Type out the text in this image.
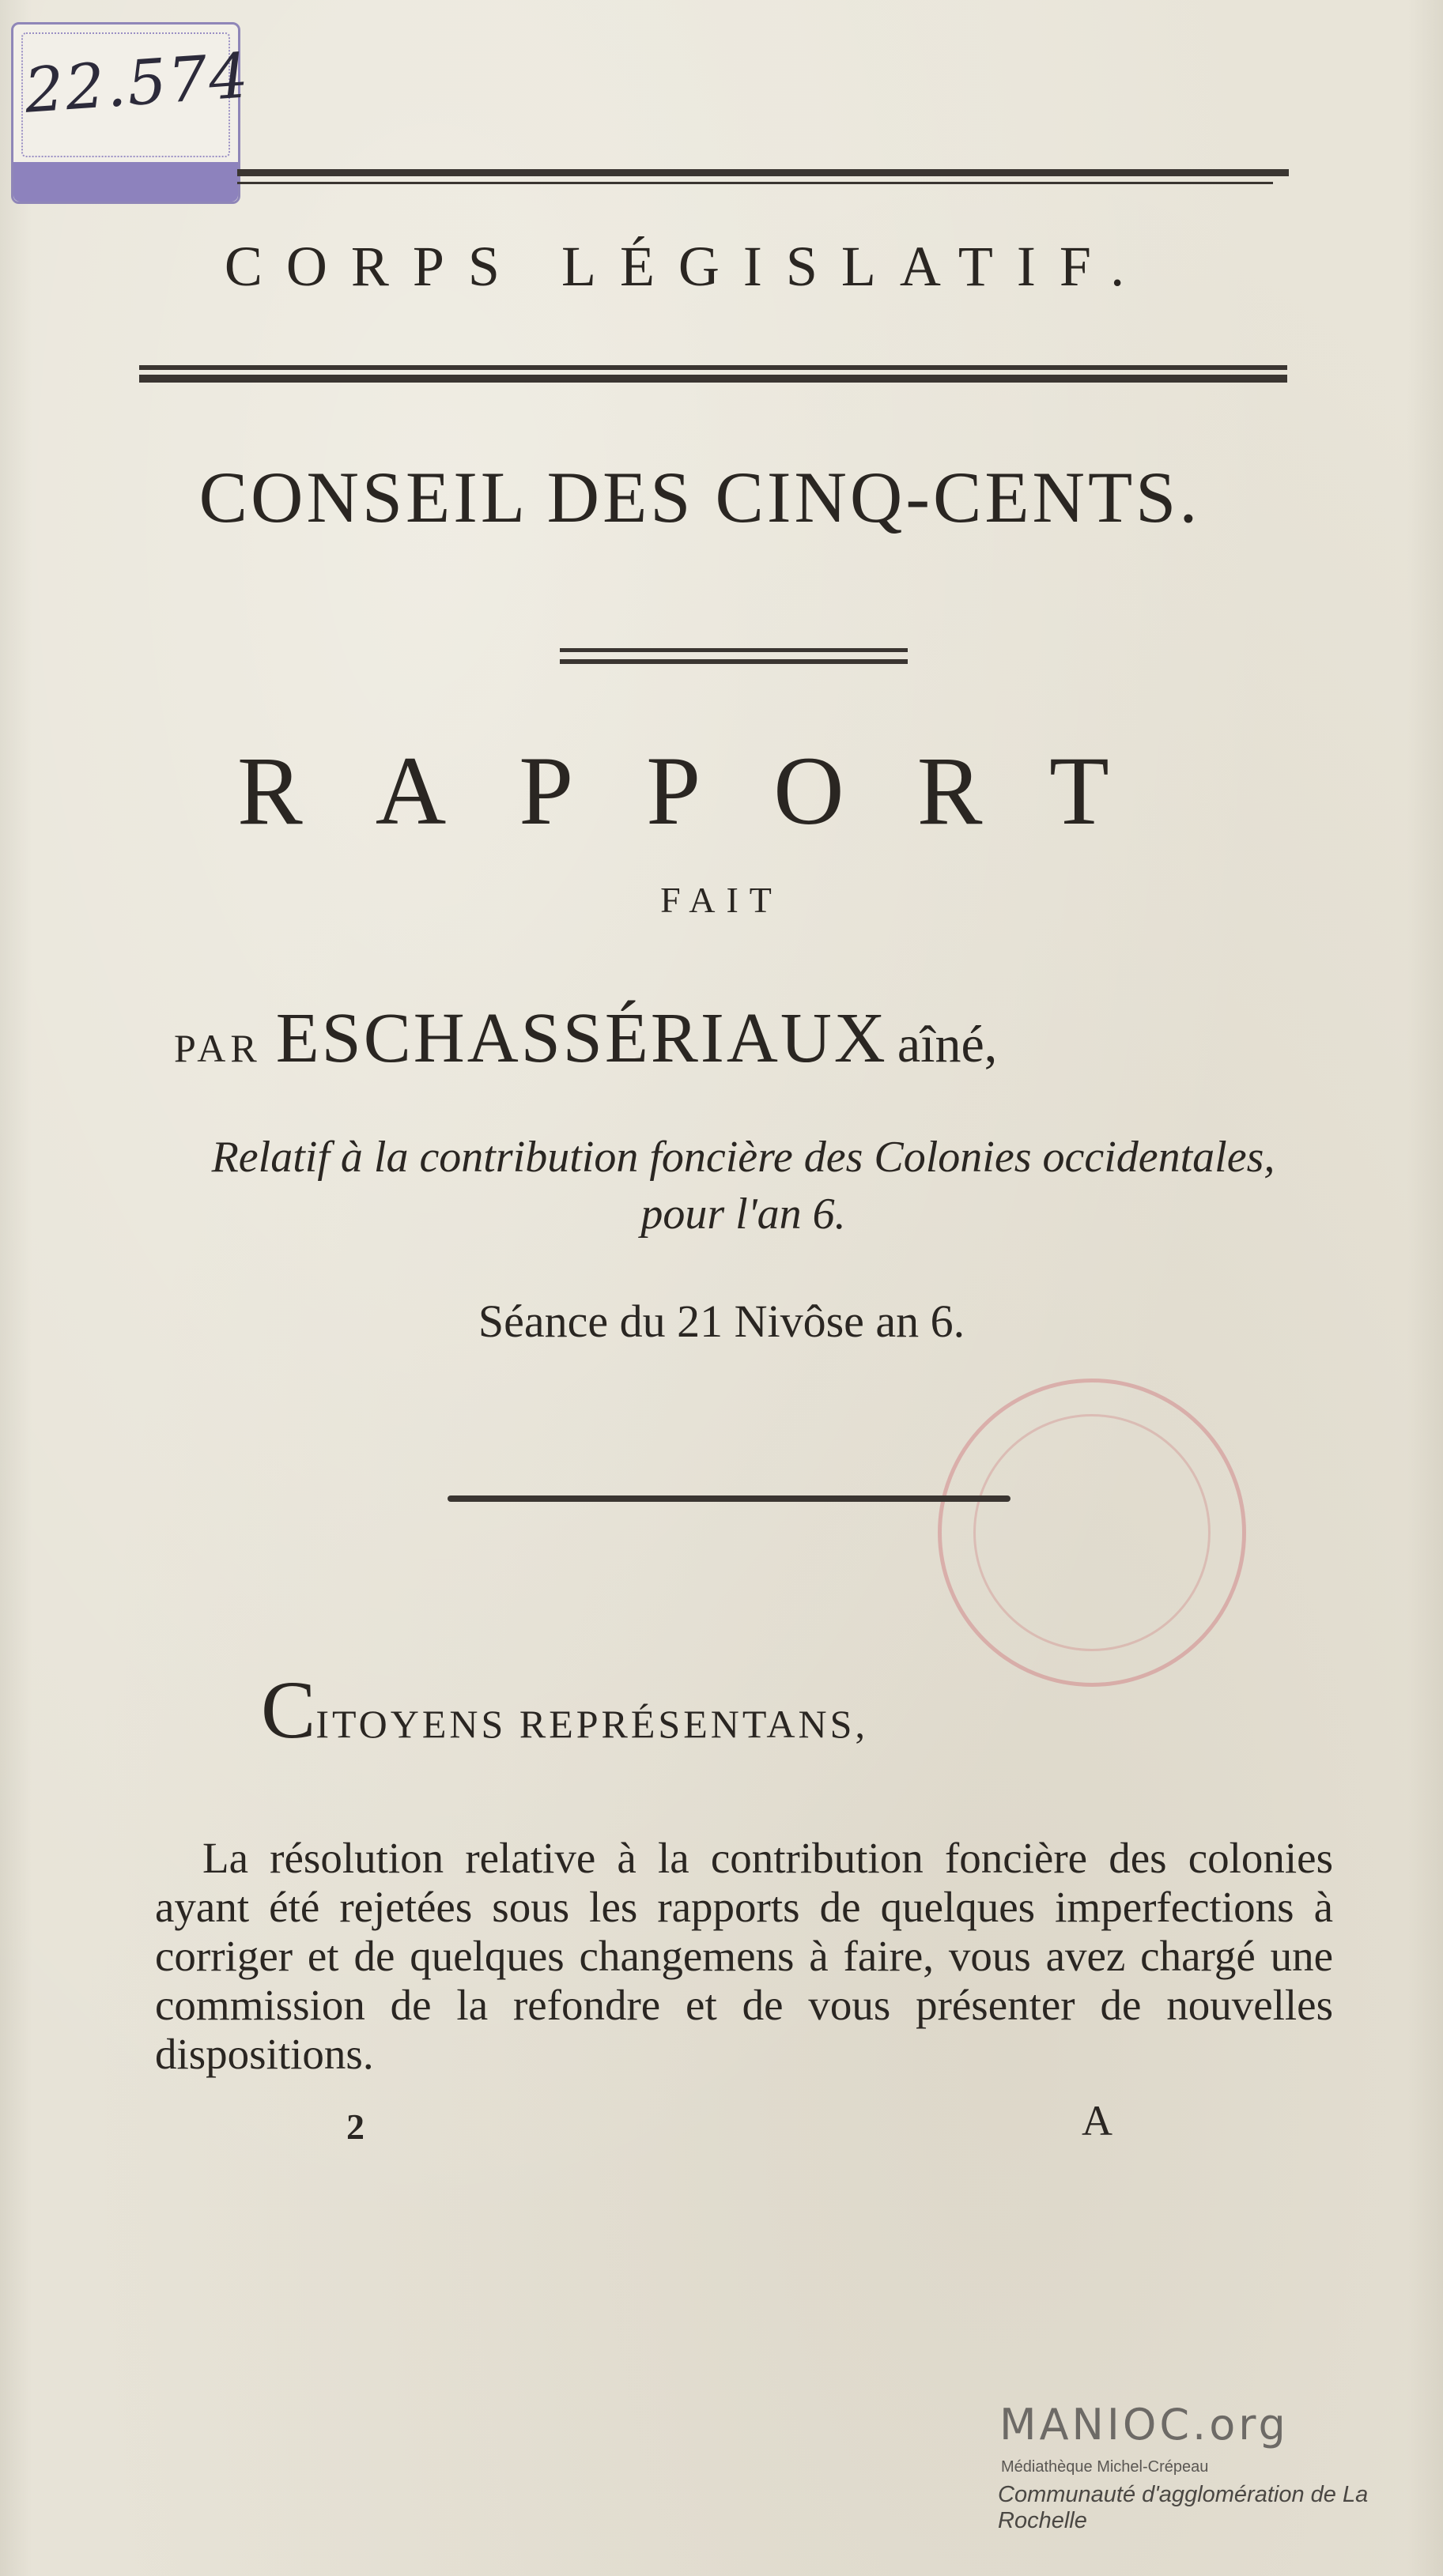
22.574
CORPS LÉGISLATIF.
CONSEIL DES CINQ-CENTS.
RAPPORT
FAIT
PAR ESCHASSÉRIAUX aîné,
Relatif à la contribution foncière des Colonies occidentales, pour l'an 6.
Séance du 21 Nivôse an 6.
CITOYENS REPRÉSENTANS,
La résolution relative à la contribution foncière des colonies ayant été rejetées sous les rapports de quelques imperfections à corriger et de quelques changemens à faire, vous avez chargé une commission de la refondre et de vous présenter de nouvelles dispositions.
2	A
MANIOC.org
Médiathèque Michel-Crépeau
Communauté d'agglomération de La Rochelle
